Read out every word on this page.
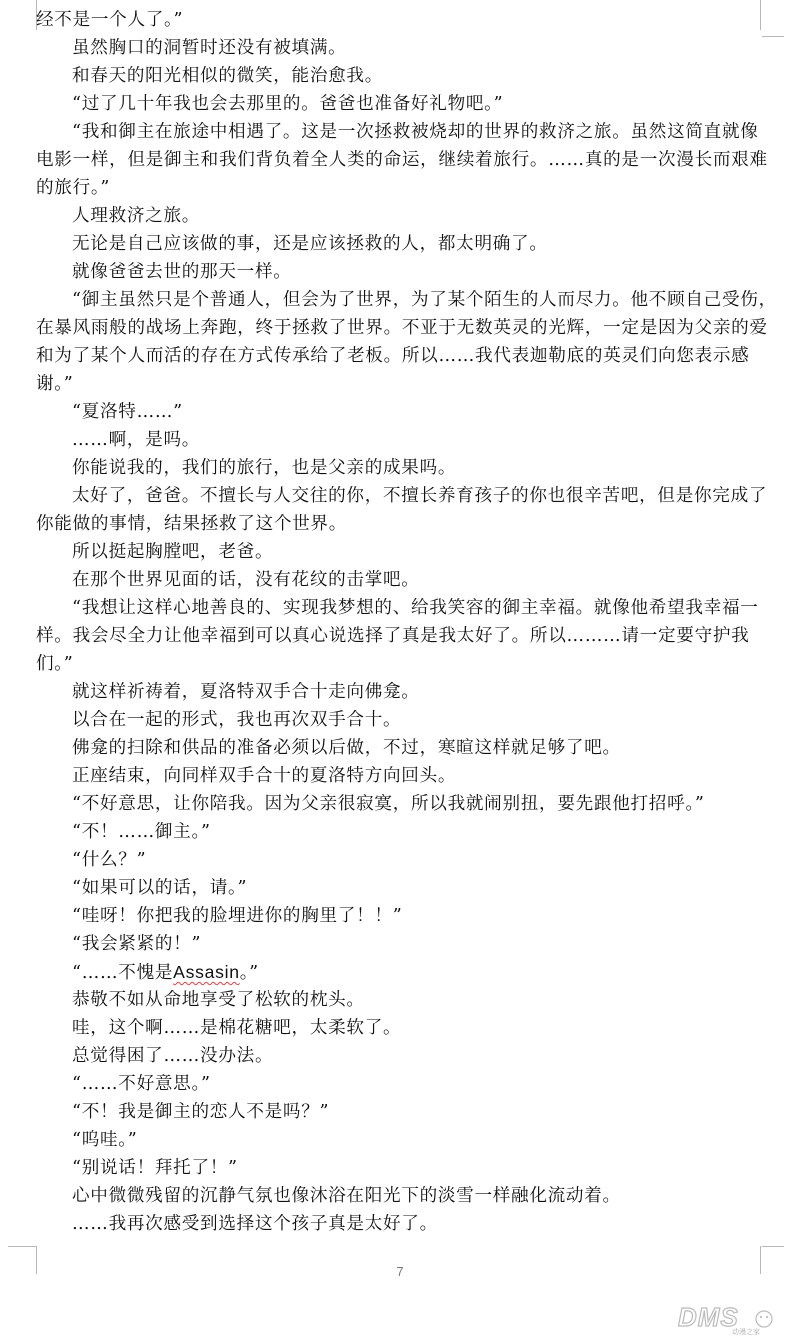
经不是一个人了。”
虽然胸口的洞暂时还没有被填满。
和春天的阳光相似的微笑，能治愈我。
“过了几十年我也会去那里的。爸爸也准备好礼物吧。”
“我和御主在旅途中相遇了。这是一次拯救被烧却的世界的救济之旅。虽然这简直就像
电影一样，但是御主和我们背负着全人类的命运，继续着旅行。……真的是一次漫长而艰难
的旅行。”
人理救济之旅。
无论是自己应该做的事，还是应该拯救的人，都太明确了。
就像爸爸去世的那天一样。
“御主虽然只是个普通人，但会为了世界，为了某个陌生的人而尽力。他不顾自己受伤，
在暴风雨般的战场上奔跑，终于拯救了世界。不亚于无数英灵的光辉，一定是因为父亲的爱
和为了某个人而活的存在方式传承给了老板。所以……我代表迦勒底的英灵们向您表示感
谢。”
“夏洛特……”
……啊，是吗。
你能说我的，我们的旅行，也是父亲的成果吗。
太好了，爸爸。不擅长与人交往的你，不擅长养育孩子的你也很辛苦吧，但是你完成了
你能做的事情，结果拯救了这个世界。
所以挺起胸膛吧，老爸。
在那个世界见面的话，没有花纹的击掌吧。
“我想让这样心地善良的、实现我梦想的、给我笑容的御主幸福。就像他希望我幸福一
样。我会尽全力让他幸福到可以真心说选择了真是我太好了。所以………请一定要守护我
们。”
就这样祈祷着，夏洛特双手合十走向佛龛。
以合在一起的形式，我也再次双手合十。
佛龛的扫除和供品的准备必须以后做，不过，寒暄这样就足够了吧。
正座结束，向同样双手合十的夏洛特方向回头。
“不好意思，让你陪我。因为父亲很寂寞，所以我就闹别扭，要先跟他打招呼。”
“不！……御主。”
“什么？”
“如果可以的话，请。”
“哇呀！你把我的脸埋进你的胸里了！！”
“我会紧紧的！”
“……不愧是Assasin。”
恭敬不如从命地享受了松软的枕头。
哇，这个啊……是棉花糖吧，太柔软了。
总觉得困了……没办法。
“……不好意思。”
“不！我是御主的恋人不是吗？”
“呜哇。”
“别说话！拜托了！”
心中微微残留的沉静气氛也像沐浴在阳光下的淡雪一样融化流动着。
……我再次感受到选择这个孩子真是太好了。
7
DMS
动漫之家
